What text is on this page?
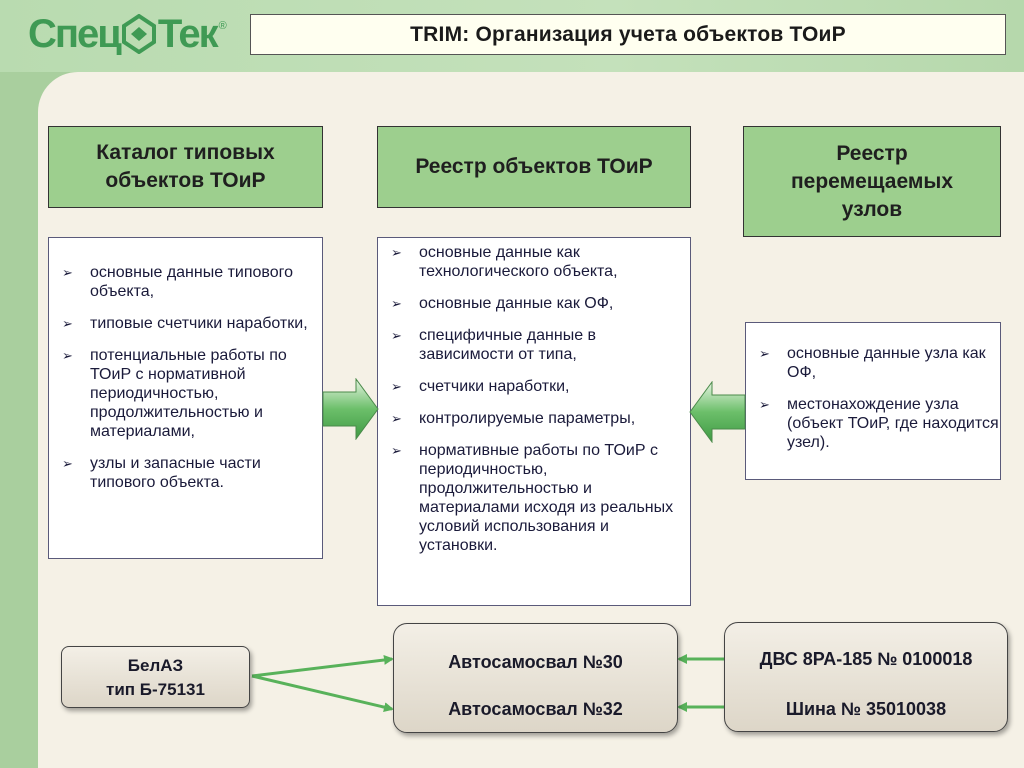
Спец Тек ®	TRIM: Организация учета объектов ТОиР
Каталог типовых
объектов ТОиР
Реестр объектов ТОиР
Реестр
перемещаемых
узлов
➢ основные данные типового объекта,
➢ типовые счетчики наработки,
➢ потенциальные работы по ТОиР с нормативной периодичностью, продолжительностью и материалами,
➢ узлы и запасные части типового объекта.
➢ основные данные как технологического объекта,
➢ основные данные как ОФ,
➢ специфичные данные в зависимости от типа,
➢ счетчики наработки,
➢ контролируемые параметры,
➢ нормативные работы по ТОиР с периодичностью, продолжительностью и материалами исходя из реальных условий использования и установки.
➢ основные данные узла как ОФ,
➢ местонахождение узла (объект ТОиР, где находится узел).
БелАЗ
тип Б-75131
Автосамосвал №30
Автосамосвал №32
ДВС 8РА-185 № 0100018
Шина № 35010038
